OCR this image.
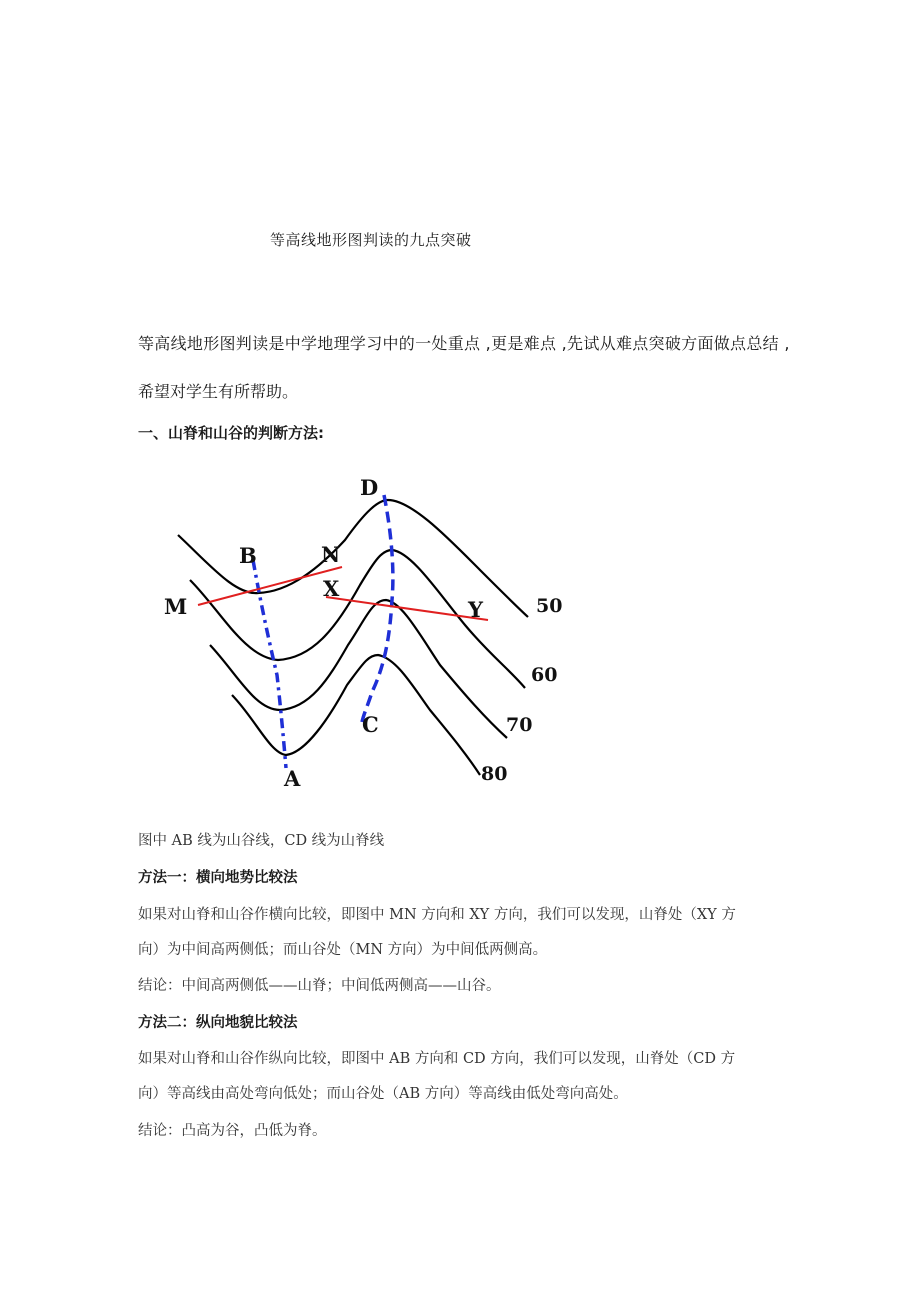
等高线地形图判读的九点突破
等高线地形图判读是中学地理学习中的一处重点 ,更是难点 ,先试从难点突破方面做点总结 ,
希望对学生有所帮助。
一、山脊和山谷的判断方法:
D
B	N
X
M	Y
C
A
50
60
70
80
图中 AB 线为山谷线，CD 线为山脊线
方法一：横向地势比较法
如果对山脊和山谷作横向比较，即图中 MN 方向和 XY 方向，我们可以发现，山脊处（XY 方
向）为中间高两侧低；而山谷处（MN 方向）为中间低两侧高。
结论：中间高两侧低——山脊；中间低两侧高——山谷。
方法二：纵向地貌比较法
如果对山脊和山谷作纵向比较，即图中 AB 方向和 CD 方向，我们可以发现，山脊处（CD 方
向）等高线由高处弯向低处；而山谷处（AB 方向）等高线由低处弯向高处。
结论：凸高为谷，凸低为脊。
